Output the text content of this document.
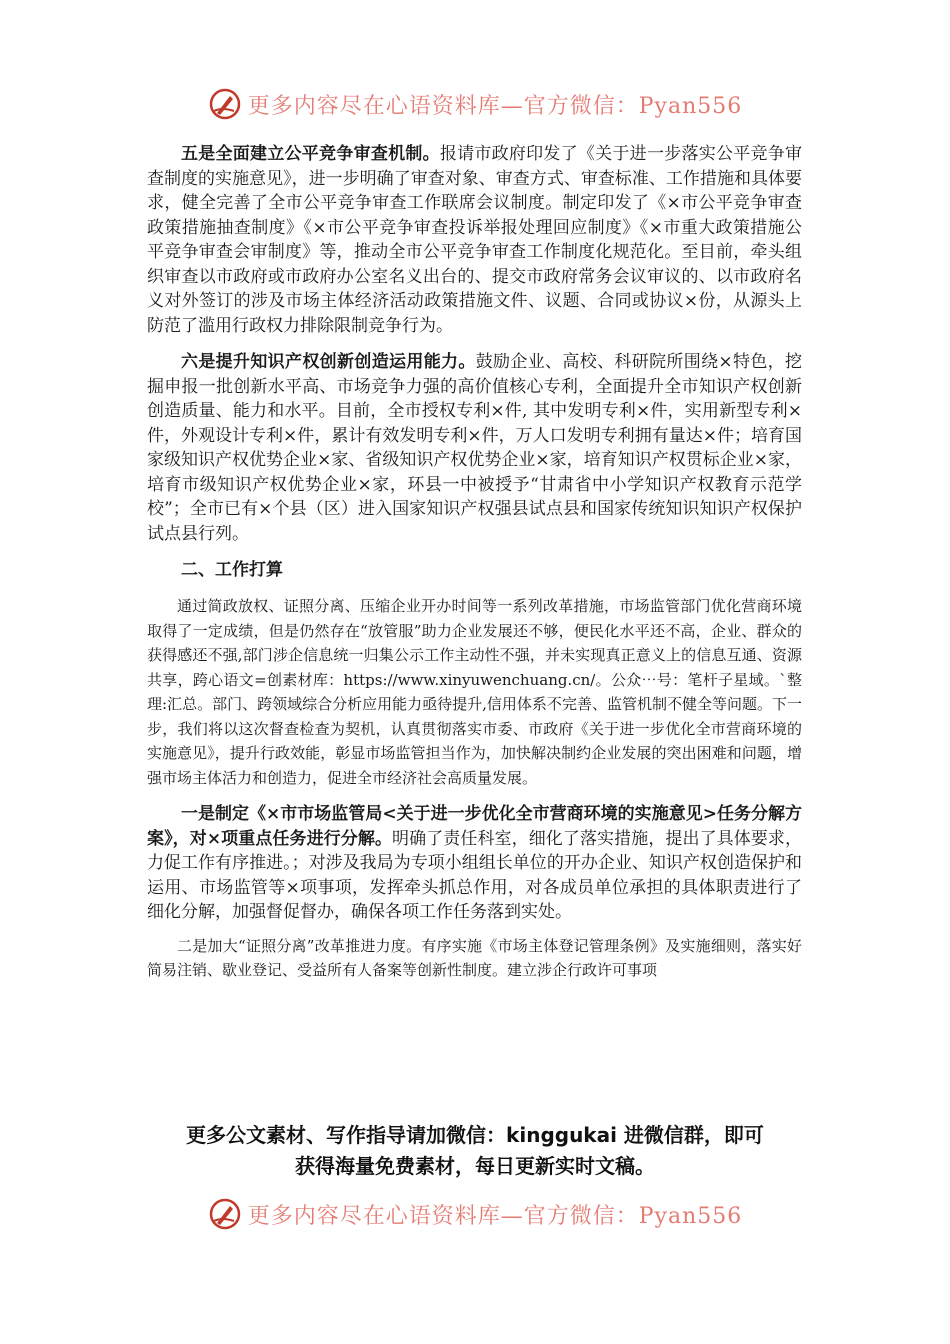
更多内容尽在心语资料库—官方微信：Pyan556

五是全面建立公平竞争审查机制。报请市政府印发了《关于进一步落实公平竞争审查制度的实施意见》，进一步明确了审查对象、审查方式、审查标准、工作措施和具体要求，健全完善了全市公平竞争审查工作联席会议制度。制定印发了《×市公平竞争审查政策措施抽查制度》《×市公平竞争审查投诉举报处理回应制度》《×市重大政策措施公平竞争审查会审制度》等，推动全市公平竞争审查工作制度化规范化。至目前，牵头组织审查以市政府或市政府办公室名义出台的、提交市政府常务会议审议的、以市政府名义对外签订的涉及市场主体经济活动政策措施文件、议题、合同或协议×份，从源头上防范了滥用行政权力排除限制竞争行为。

六是提升知识产权创新创造运用能力。鼓励企业、高校、科研院所围绕×特色，挖掘申报一批创新水平高、市场竞争力强的高价值核心专利，全面提升全市知识产权创新创造质量、能力和水平。目前，全市授权专利×件, 其中发明专利×件，实用新型专利×件，外观设计专利×件，累计有效发明专利×件，万人口发明专利拥有量达×件；培育国家级知识产权优势企业×家、省级知识产权优势企业×家，培育知识产权贯标企业×家，培育市级知识产权优势企业×家，环县一中被授予“甘肃省中小学知识产权教育示范学校”；全市已有×个县（区）进入国家知识产权强县试点县和国家传统知识知识产权保护试点县行列。

二、工作打算

通过简政放权、证照分离、压缩企业开办时间等一系列改革措施，市场监管部门优化营商环境取得了一定成绩，但是仍然存在“放管服”助力企业发展还不够，便民化水平还不高，企业、群众的获得感还不强,部门涉企信息统一归集公示工作主动性不强，并未实现真正意义上的信息互通、资源共享，跨心语文=创素材库：https://www.xinyuwenchuang.cn/。公众⋯号：笔杆子星域。`整理:汇总。部门、跨领域综合分析应用能力亟待提升,信用体系不完善、监管机制不健全等问题。下一步，我们将以这次督查检查为契机，认真贯彻落实市委、市政府《关于进一步优化全市营商环境的实施意见》，提升行政效能，彰显市场监管担当作为，加快解决制约企业发展的突出困难和问题，增强市场主体活力和创造力，促进全市经济社会高质量发展。

一是制定《×市市场监管局<关于进一步优化全市营商环境的实施意见>任务分解方案》，对×项重点任务进行分解。明确了责任科室，细化了落实措施，提出了具体要求，力促工作有序推进。；对涉及我局为专项小组组长单位的开办企业、知识产权创造保护和运用、市场监管等×项事项，发挥牵头抓总作用，对各成员单位承担的具体职责进行了细化分解，加强督促督办，确保各项工作任务落到实处。

二是加大“证照分离”改革推进力度。有序实施《市场主体登记管理条例》及实施细则，落实好简易注销、歇业登记、受益所有人备案等创新性制度。建立涉企行政许可事项

更多公文素材、写作指导请加微信：kinggukai 进微信群，即可
获得海量免费素材，每日更新实时文稿。
更多内容尽在心语资料库—官方微信：Pyan556
